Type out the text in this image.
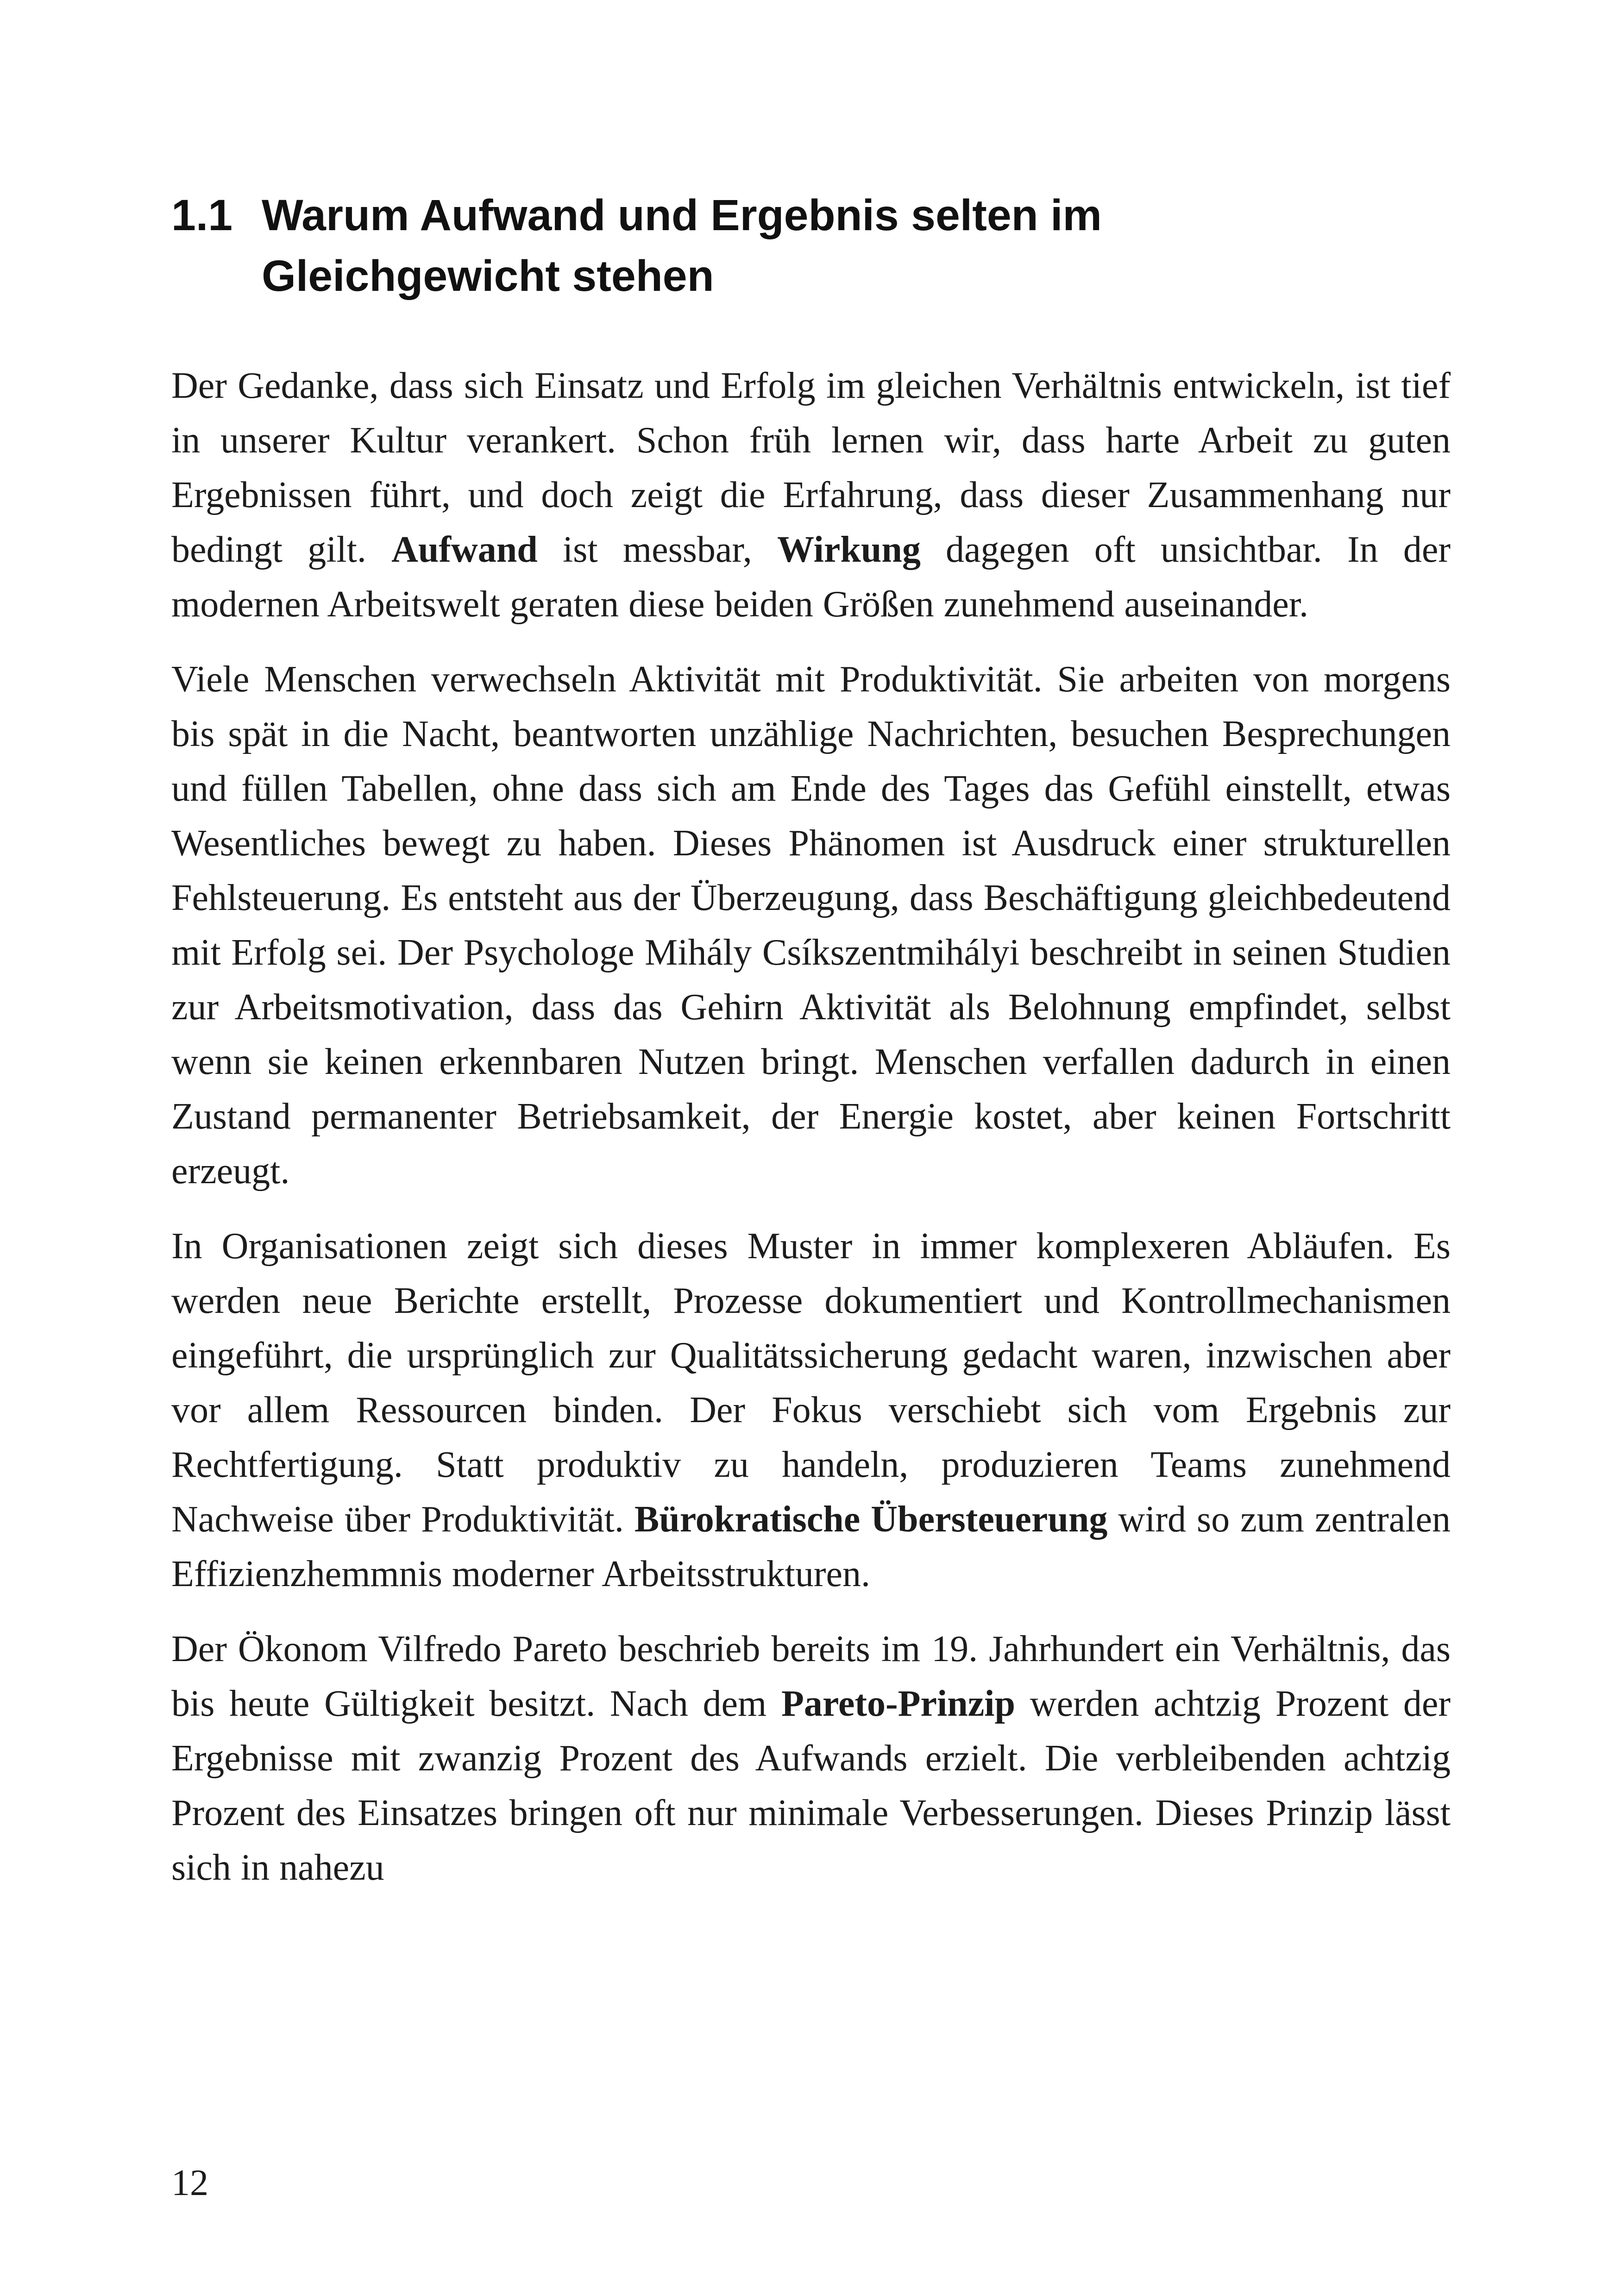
1.1 Warum Aufwand und Ergebnis selten im
Gleichgewicht stehen

Der Gedanke, dass sich Einsatz und Erfolg im gleichen Verhältnis entwickeln, ist tief in unserer Kultur verankert. Schon früh lernen wir, dass harte Arbeit zu guten Ergebnissen führt, und doch zeigt die Erfahrung, dass dieser Zusammenhang nur bedingt gilt. Aufwand ist messbar, Wirkung dagegen oft unsichtbar. In der modernen Arbeitswelt geraten diese beiden Größen zunehmend auseinander.

Viele Menschen verwechseln Aktivität mit Produktivität. Sie arbeiten von morgens bis spät in die Nacht, beantworten unzählige Nachrichten, besuchen Besprechungen und füllen Tabellen, ohne dass sich am Ende des Tages das Gefühl einstellt, etwas Wesentliches bewegt zu haben. Dieses Phänomen ist Ausdruck einer strukturellen Fehlsteuerung. Es entsteht aus der Überzeugung, dass Beschäftigung gleichbedeutend mit Erfolg sei. Der Psychologe Mihály Csíkszentmihályi beschreibt in seinen Studien zur Arbeitsmotivation, dass das Gehirn Aktivität als Belohnung empfindet, selbst wenn sie keinen erkennbaren Nutzen bringt. Menschen verfallen dadurch in einen Zustand permanenter Betriebsamkeit, der Energie kostet, aber keinen Fortschritt erzeugt.

In Organisationen zeigt sich dieses Muster in immer komplexeren Abläufen. Es werden neue Berichte erstellt, Prozesse dokumentiert und Kontrollmechanismen eingeführt, die ursprünglich zur Qualitätssicherung gedacht waren, inzwischen aber vor allem Ressourcen binden. Der Fokus verschiebt sich vom Ergebnis zur Rechtfertigung. Statt produktiv zu handeln, produzieren Teams zunehmend Nachweise über Produktivität. Bürokratische Übersteuerung wird so zum zentralen Effizienzhemmnis moderner Arbeitsstrukturen.

Der Ökonom Vilfredo Pareto beschrieb bereits im 19. Jahrhundert ein Verhältnis, das bis heute Gültigkeit besitzt. Nach dem Pareto-Prinzip werden achtzig Prozent der Ergebnisse mit zwanzig Prozent des Aufwands erzielt. Die verbleibenden achtzig Prozent des Einsatzes bringen oft nur minimale Verbesserungen. Dieses Prinzip lässt sich in nahezu

12
